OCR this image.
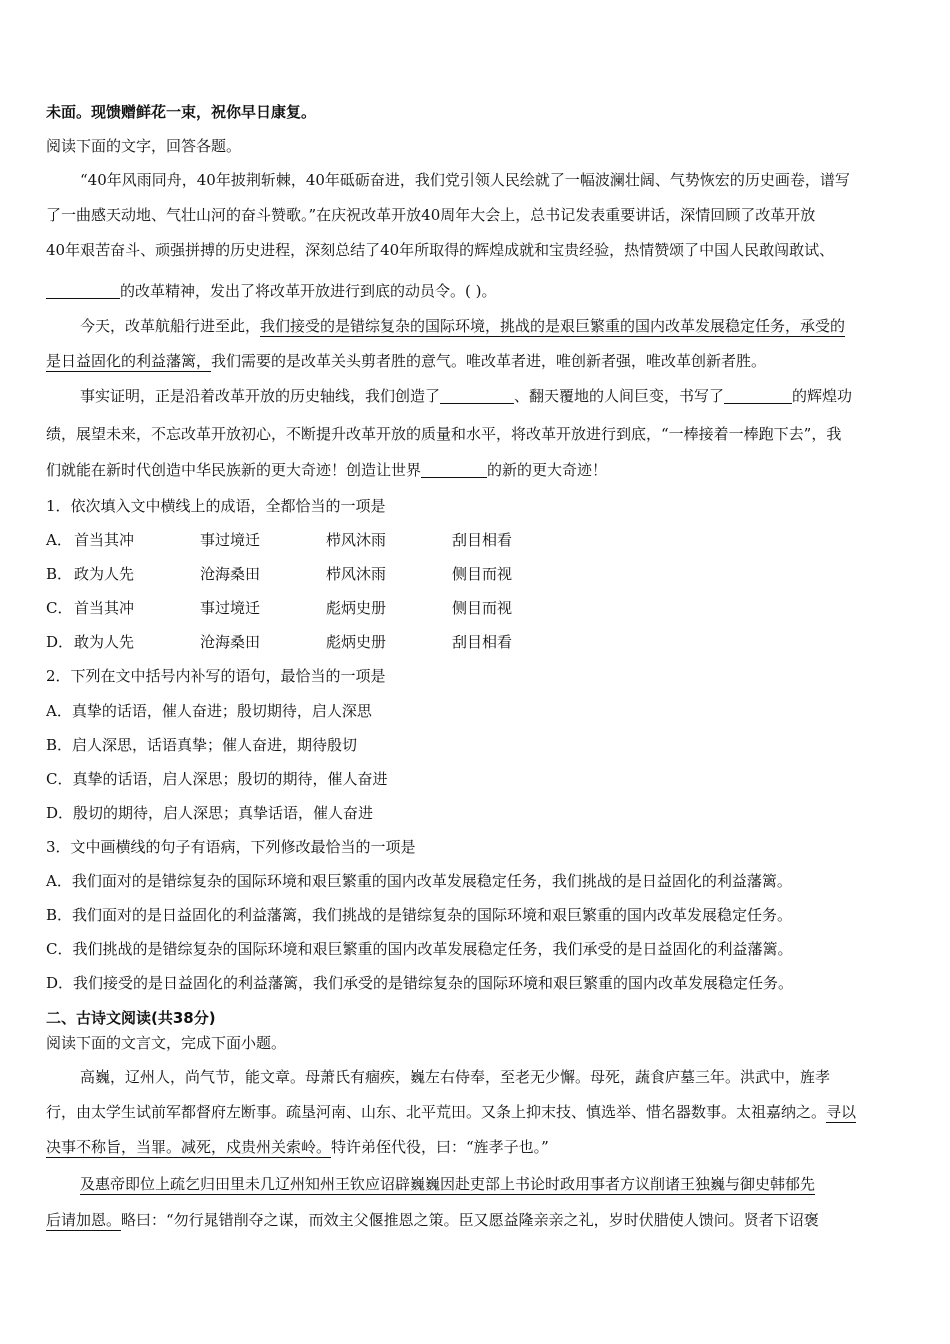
未面。现馈赠鲜花一束，祝你早日康复。
阅读下面的文字，回答各题。
“40年风雨同舟，40年披荆斩棘，40年砥砺奋进，我们党引领人民绘就了一幅波澜壮阔、气势恢宏的历史画卷，谱写
了一曲感天动地、气壮山河的奋斗赞歌。”在庆祝改革开放40周年大会上，总书记发表重要讲话，深情回顾了改革开放
40年艰苦奋斗、顽强拼搏的历史进程，深刻总结了40年所取得的辉煌成就和宝贵经验，热情赞颂了中国人民敢闯敢试、
的改革精神，发出了将改革开放进行到底的动员令。( )。
今天，改革航船行进至此，我们接受的是错综复杂的国际环境，挑战的是艰巨繁重的国内改革发展稳定任务，承受的
是日益固化的利益藩篱，我们需要的是改革关头剪者胜的意气。唯改革者进，唯创新者强，唯改革创新者胜。
事实证明，正是沿着改革开放的历史轴线，我们创造了	、翻天覆地的人间巨变，书写了	的辉煌功
绩，展望未来，不忘改革开放初心，不断提升改革开放的质量和水平，将改革开放进行到底，“一棒接着一棒跑下去”，我
们就能在新时代创造中华民族新的更大奇迹！创造让世界	的新的更大奇迹！
1．依次填入文中横线上的成语，全都恰当的一项是
A． 首当其冲	事过境迁	栉风沐雨	刮目相看
B． 政为人先	沧海桑田	栉风沐雨	侧目而视
C． 首当其冲	事过境迁	彪炳史册	侧目而视
D．敢为人先	沧海桑田	彪炳史册	刮目相看
2．下列在文中括号内补写的语句，最恰当的一项是
A．真挚的话语，催人奋进；殷切期待，启人深思
B．启人深思，话语真挚；催人奋进，期待殷切
C．真挚的话语，启人深思；殷切的期待，催人奋进
D．殷切的期待，启人深思；真挚话语，催人奋进
3．文中画横线的句子有语病，下列修改最恰当的一项是
A．我们面对的是错综复杂的国际环境和艰巨繁重的国内改革发展稳定任务，我们挑战的是日益固化的利益藩篱。
B．我们面对的是日益固化的利益藩篱，我们挑战的是错综复杂的国际环境和艰巨繁重的国内改革发展稳定任务。
C．我们挑战的是错综复杂的国际环境和艰巨繁重的国内改革发展稳定任务，我们承受的是日益固化的利益藩篱。
D．我们接受的是日益固化的利益藩篱，我们承受的是错综复杂的国际环境和艰巨繁重的国内改革发展稳定任务。
二、古诗文阅读(共38分)
阅读下面的文言文，完成下面小题。
高巍，辽州人，尚气节，能文章。母萧氏有痼疾，巍左右侍奉，至老无少懈。母死，蔬食庐墓三年。洪武中，旌孝
行，由太学生试前军都督府左断事。疏垦河南、山东、北平荒田。又条上抑末技、慎选举、惜名器数事。太祖嘉纳之。寻以
决事不称旨，当罪。减死，戍贵州关索岭。特许弟侄代役，曰：“旌孝子也。”
及惠帝即位上疏乞归田里未几辽州知州王钦应诏辟巍巍因赴吏部上书论时政用事者方议削诸王独巍与御史韩郁先
后请加恩。略曰：“勿行晁错削夺之谋，而效主父偃推恩之策。臣又愿益隆亲亲之礼，岁时伏腊使人馈问。贤者下诏褒
